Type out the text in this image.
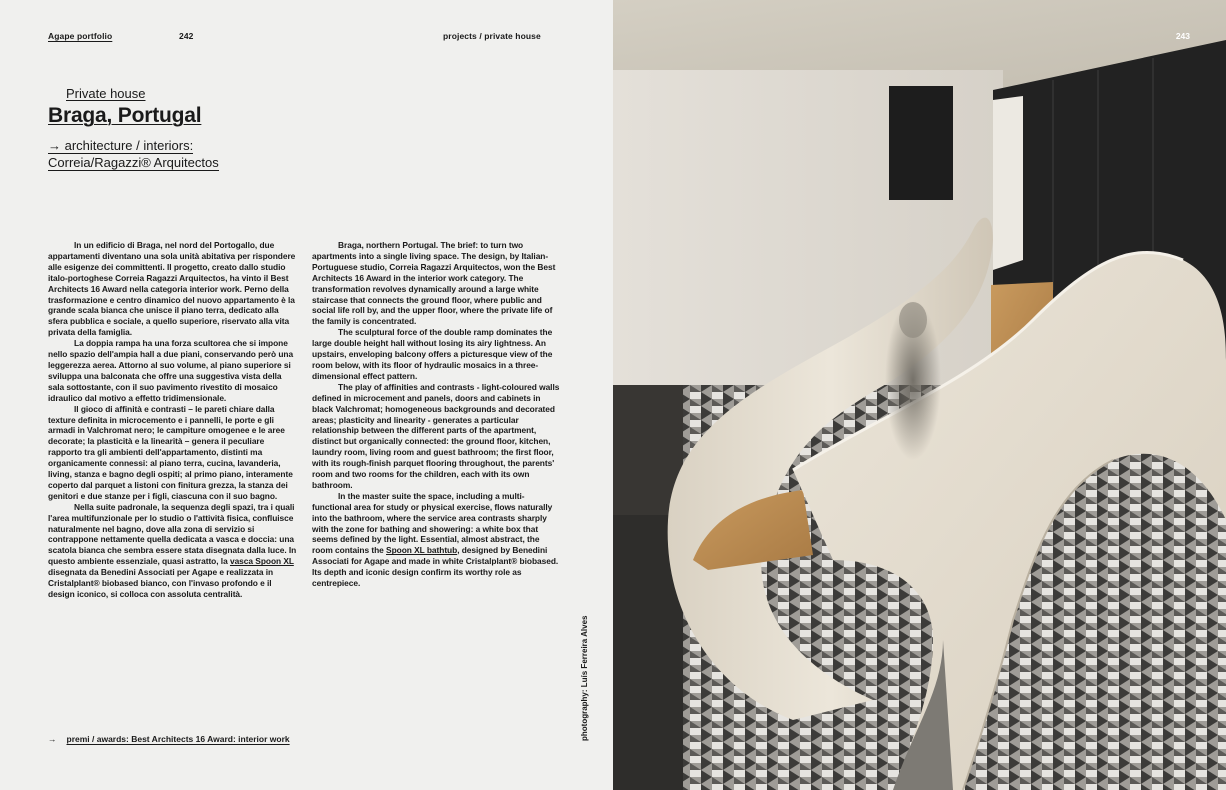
Agape portfolio	242	projects / private house
Private house
Braga, Portugal
→ architecture / interiors:
Correia/Ragazzi® Arquitectos

In un edificio di Braga, nel nord del Portogallo, due appartamenti diventano una sola unità abitativa per rispondere alle esigenze dei committenti. Il progetto, creato dallo studio italo-portoghese Correia Ragazzi Arquitectos, ha vinto il Best Architects 16 Award nella categoria interior work. Perno della trasformazione e centro dinamico del nuovo appartamento è la grande scala bianca che unisce il piano terra, dedicato alla sfera pubblica e sociale, a quello superiore, riservato alla vita privata della famiglia.

La doppia rampa ha una forza scultorea che si impone nello spazio dell'ampia hall a due piani, conservando però una leggerezza aerea. Attorno al suo volume, al piano superiore si sviluppa una balconata che offre una suggestiva vista della sala sottostante, con il suo pavimento rivestito di mosaico idraulico dal motivo a effetto tridimensionale.

Il gioco di affinità e contrasti – le pareti chiare dalla texture definita in microcemento e i pannelli, le porte e gli armadi in Valchromat nero; le campiture omogenee e le aree decorate; la plasticità e la linearità – genera il peculiare rapporto tra gli ambienti dell'appartamento, distinti ma organicamente connessi: al piano terra, cucina, lavanderia, living, stanza e bagno degli ospiti; al primo piano, interamente coperto dal parquet a listoni con finitura grezza, la stanza dei genitori e due stanze per i figli, ciascuna con il suo bagno.

Nella suite padronale, la sequenza degli spazi, tra i quali l'area multifunzionale per lo studio o l'attività fisica, confluisce naturalmente nel bagno, dove alla zona di servizio si contrappone nettamente quella dedicata a vasca e doccia: una scatola bianca che sembra essere stata disegnata dalla luce. In questo ambiente essenziale, quasi astratto, la vasca Spoon XL disegnata da Benedini Associati per Agape e realizzata in Cristalplant® biobased bianco, con l'invaso profondo e il design iconico, si colloca con assoluta centralità.

Braga, northern Portugal. The brief: to turn two apartments into a single living space. The design, by Italian-Portuguese studio, Correia Ragazzi Arquitectos, won the Best Architects 16 Award in the interior work category. The transformation revolves dynamically around a large white staircase that connects the ground floor, where public and social life roll by, and the upper floor, where the private life of the family is concentrated.

The sculptural force of the double ramp dominates the large double height hall without losing its airy lightness. An upstairs, enveloping balcony offers a picturesque view of the room below, with its floor of hydraulic mosaics in a three-dimensional effect pattern.

The play of affinities and contrasts - light-coloured walls defined in microcement and panels, doors and cabinets in black Valchromat; homogeneous backgrounds and decorated areas; plasticity and linearity - generates a particular relationship between the different parts of the apartment, distinct but organically connected: the ground floor, kitchen, laundry room, living room and guest bathroom; the first floor, with its rough-finish parquet flooring throughout, the parents' room and two rooms for the children, each with its own bathroom.

In the master suite the space, including a multi-functional area for study or physical exercise, flows naturally into the bathroom, where the service area contrasts sharply with the zone for bathing and showering: a white box that seems defined by the light. Essential, almost abstract, the room contains the Spoon XL bathtub, designed by Benedini Associati for Agape and made in white Cristalplant® biobased. Its depth and iconic design confirm its worthy role as centrepiece.

→ premi / awards: Best Architects 16 Award: interior work	photography: Luís Ferreira Alves
243
